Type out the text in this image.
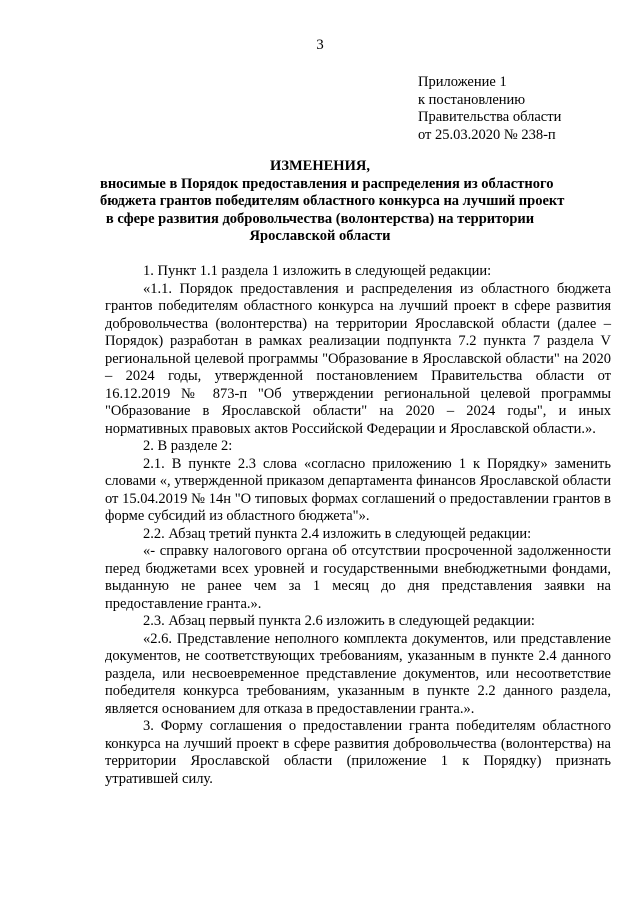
3
Приложение 1
к постановлению
Правительства области
от 25.03.2020 № 238-п
ИЗМЕНЕНИЯ,
вносимые в Порядок предоставления и распределения из областного
бюджета грантов победителям областного конкурса на лучший проект
в сфере развития добровольчества (волонтерства) на территории
Ярославской области

1. Пункт 1.1 раздела 1 изложить в следующей редакции:

«1.1. Порядок предоставления и распределения из областного бюджета грантов победителям областного конкурса на лучший проект в сфере развития добровольчества (волонтерства) на территории Ярославской области (далее – Порядок) разработан в рамках реализации подпункта 7.2 пункта 7 раздела V региональной целевой программы "Образование в Ярославской области" на 2020 – 2024 годы, утвержденной постановлением Правительства области от 16.12.2019 № 873-п "Об утверждении региональной целевой программы "Образование в Ярославской области" на 2020 – 2024 годы", и иных нормативных правовых актов Российской Федерации и Ярославской области.».

2. В разделе 2:

2.1. В пункте 2.3 слова «согласно приложению 1 к Порядку» заменить словами «, утвержденной приказом департамента финансов Ярославской области от 15.04.2019 № 14н "О типовых формах соглашений о предоставлении грантов в форме субсидий из областного бюджета"».

2.2. Абзац третий пункта 2.4 изложить в следующей редакции:

«- справку налогового органа об отсутствии просроченной задолженности перед бюджетами всех уровней и государственными внебюджетными фондами, выданную не ранее чем за 1 месяц до дня представления заявки на предоставление гранта.».

2.3. Абзац первый пункта 2.6 изложить в следующей редакции:

«2.6. Представление неполного комплекта документов, или представление документов, не соответствующих требованиям, указанным в пункте 2.4 данного раздела, или несвоевременное представление документов, или несоответствие победителя конкурса требованиям, указанным в пункте 2.2 данного раздела, является основанием для отказа в предоставлении гранта.».

3. Форму соглашения о предоставлении гранта победителям областного конкурса на лучший проект в сфере развития добровольчества (волонтерства) на территории Ярославской области (приложение 1 к Порядку) признать утратившей силу.
